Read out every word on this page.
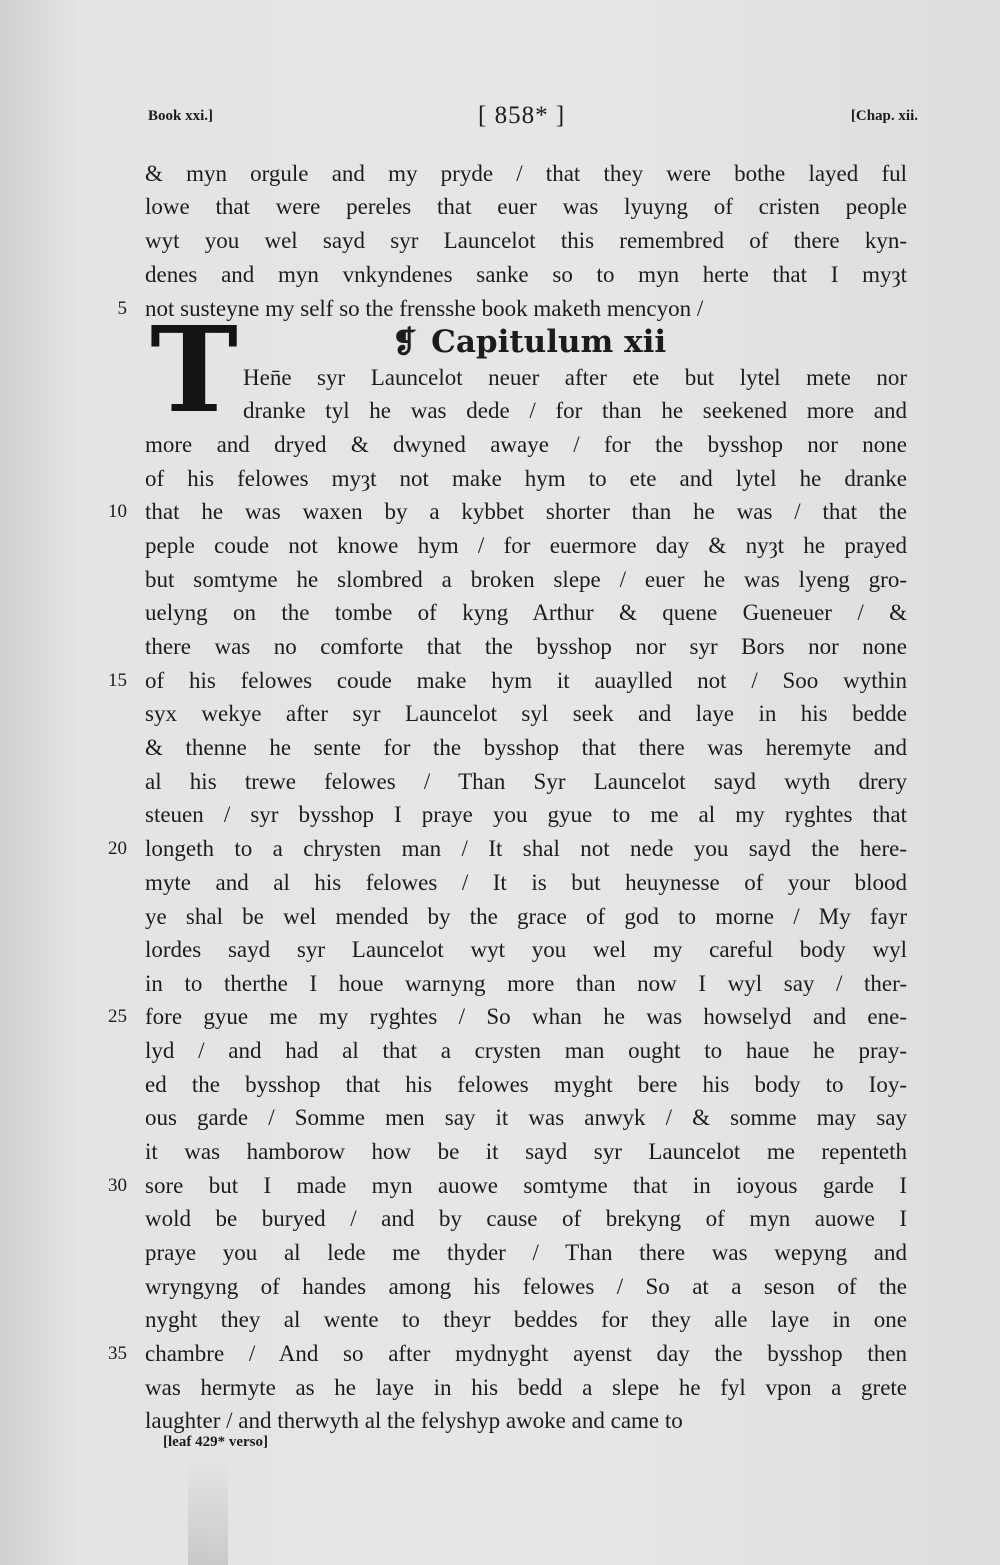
Book xxi.]	[ 858* ]	[Chap. xii.
& myn orgule and my pryde / that they were bothe layed ful
lowe that were pereles that euer was lyuyng of cristen people
wyt you wel sayd syr Launcelot this remembred of there kyn-
denes and myn vnkyndenes sanke so to myn herte that I myȝt
not susteyne my self so the frensshe book maketh mencyon /
Hen̄e syr Launcelot neuer after ete but lytel mete nor
dranke tyl he was dede / for than he seekened more and
more and dryed & dwyned awaye / for the bysshop nor none
of his felowes myȝt not make hym to ete and lytel he dranke
that he was waxen by a kybbet shorter than he was / that the
peple coude not knowe hym / for euermore day & nyȝt he prayed
but somtyme he slombred a broken slepe / euer he was lyeng gro-
uelyng on the tombe of kyng Arthur & quene Gueneuer / &
there was no comforte that the bysshop nor syr Bors nor none
of his felowes coude make hym it auaylled not / Soo wythin
syx wekye after syr Launcelot syl seek and laye in his bedde
& thenne he sente for the bysshop that there was heremyte and
al his trewe felowes / Than Syr Launcelot sayd wyth drery
steuen / syr bysshop I praye you gyue to me al my ryghtes that
longeth to a chrysten man / It shal not nede you sayd the here-
myte and al his felowes / It is but heuynesse of your blood
ye shal be wel mended by the grace of god to morne / My fayr
lordes sayd syr Launcelot wyt you wel my careful body wyl
in to therthe I houe warnyng more than now I wyl say / ther-
fore gyue me my ryghtes / So whan he was howselyd and ene-
lyd / and had al that a crysten man ought to haue he pray-
ed the bysshop that his felowes myght bere his body to Ioy-
ous garde / Somme men say it was anwyk / & somme may say
it was hamborow how be it sayd syr Launcelot me repenteth
sore but I made myn auowe somtyme that in ioyous garde I
wold be buryed / and by cause of brekyng of myn auowe I
praye you al lede me thyder / Than there was wepyng and
wryngyng of handes among his felowes / So at a seson of the
nyght they al wente to theyr beddes for they alle laye in one
chambre / And so after mydnyght ayenst day the bysshop then
was hermyte as he laye in his bedd a slepe he fyl vpon a grete
laughter / and therwyth al the felyshyp awoke and came to
5
10
15
20
25
30
35
❡ Capitulum xii
T
[leaf 429* verso]
